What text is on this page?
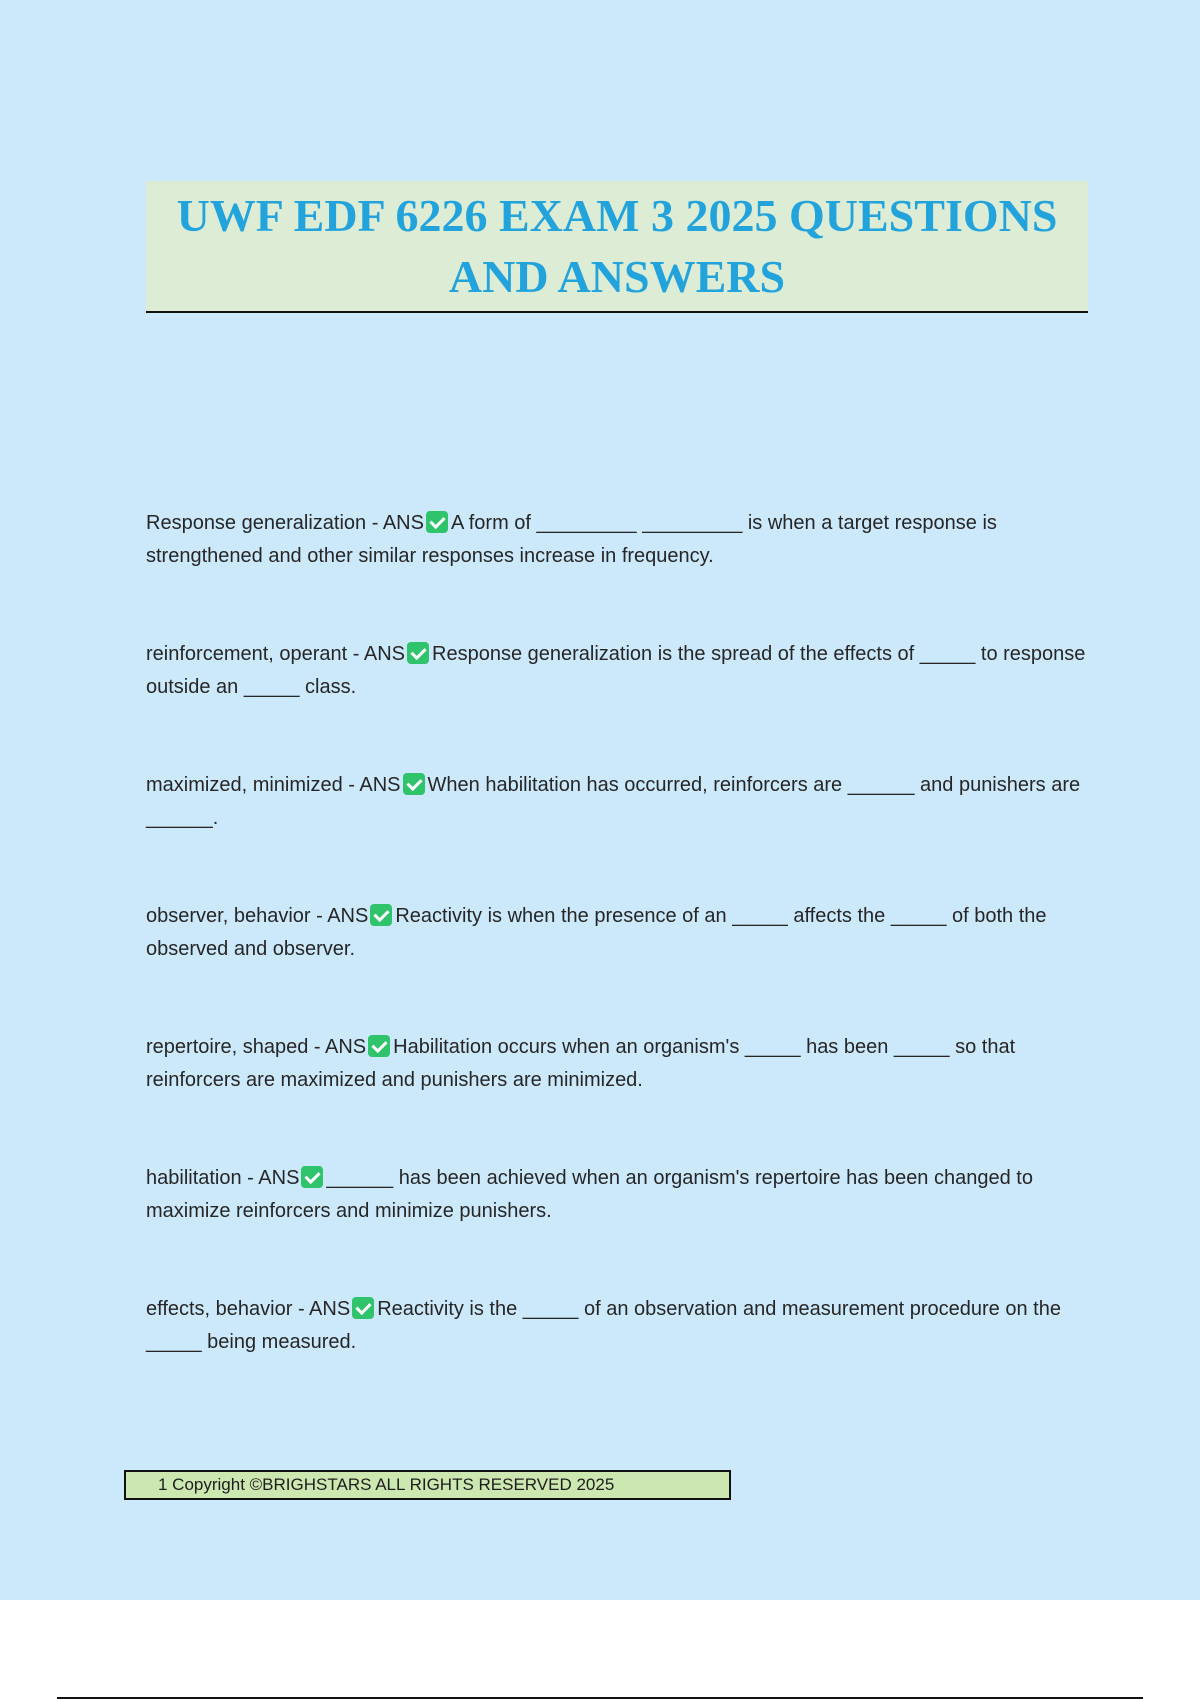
UWF EDF 6226 EXAM 3 2025 QUESTIONS

AND ANSWERS

Response generalization - ANS A form of _________ _________ is when a target response is strengthened and other similar responses increase in frequency.
reinforcement, operant - ANS Response generalization is the spread of the effects of _____ to response outside an _____ class.
maximized, minimized - ANS When habilitation has occurred, reinforcers are ______ and punishers are ______.
observer, behavior - ANS Reactivity is when the presence of an _____ affects the _____ of both the observed and observer.
repertoire, shaped - ANS Habilitation occurs when an organism's _____ has been _____ so that reinforcers are maximized and punishers are minimized.
habilitation - ANS ______ has been achieved when an organism's repertoire has been changed to maximize reinforcers and minimize punishers.
effects, behavior - ANS Reactivity is the _____ of an observation and measurement procedure on the _____ being measured.
1 Copyright ©BRIGHSTARS ALL RIGHTS RESERVED 2025
